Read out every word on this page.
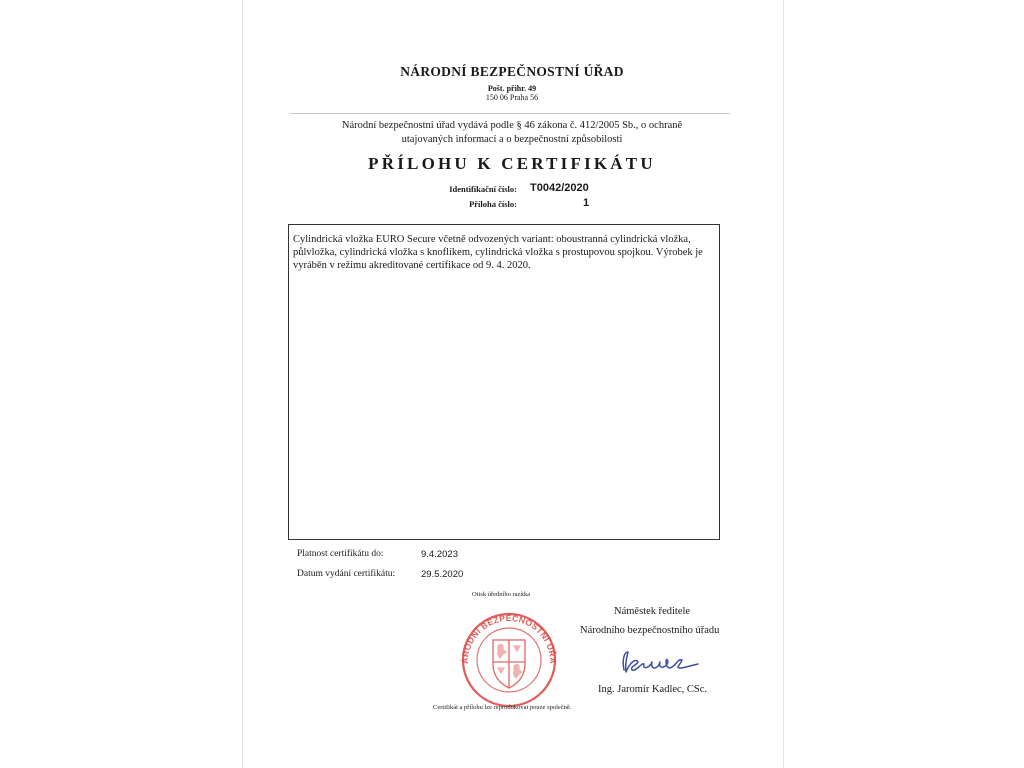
NÁRODNÍ BEZPEČNOSTNÍ ÚŘAD
Pošt. přihr. 49
150 06 Praha 56
Národní bezpečnostní úřad vydává podle § 46 zákona č. 412/2005 Sb., o ochraně
utajovaných informací a o bezpečnostní způsobilosti
PŘÍLOHU K CERTIFIKÁTU
Identifikační číslo: T0042/2020
Příloha číslo:	1
Cylindrická vložka EURO Secure včetně odvozených variant: oboustranná cylindrická vložka, půlvložka, cylindrická vložka s knoflíkem, cylindrická vložka s prostupovou spojkou. Výrobek je vyráběn v režimu akreditované certifikace od 9. 4. 2020.
Platnost certifikátu do:	9.4.2023
Datum vydání certifikátu:	29.5.2020
Otisk úředního razítka
ÁRODNÍ BEZPEČNOSTNÍ ÚŘA
Náměstek ředitele
Národního bezpečnostního úřadu
Ing. Jaromír Kadlec, CSc.
Certifikát a přílohu lze reprodukovat pouze společně.
